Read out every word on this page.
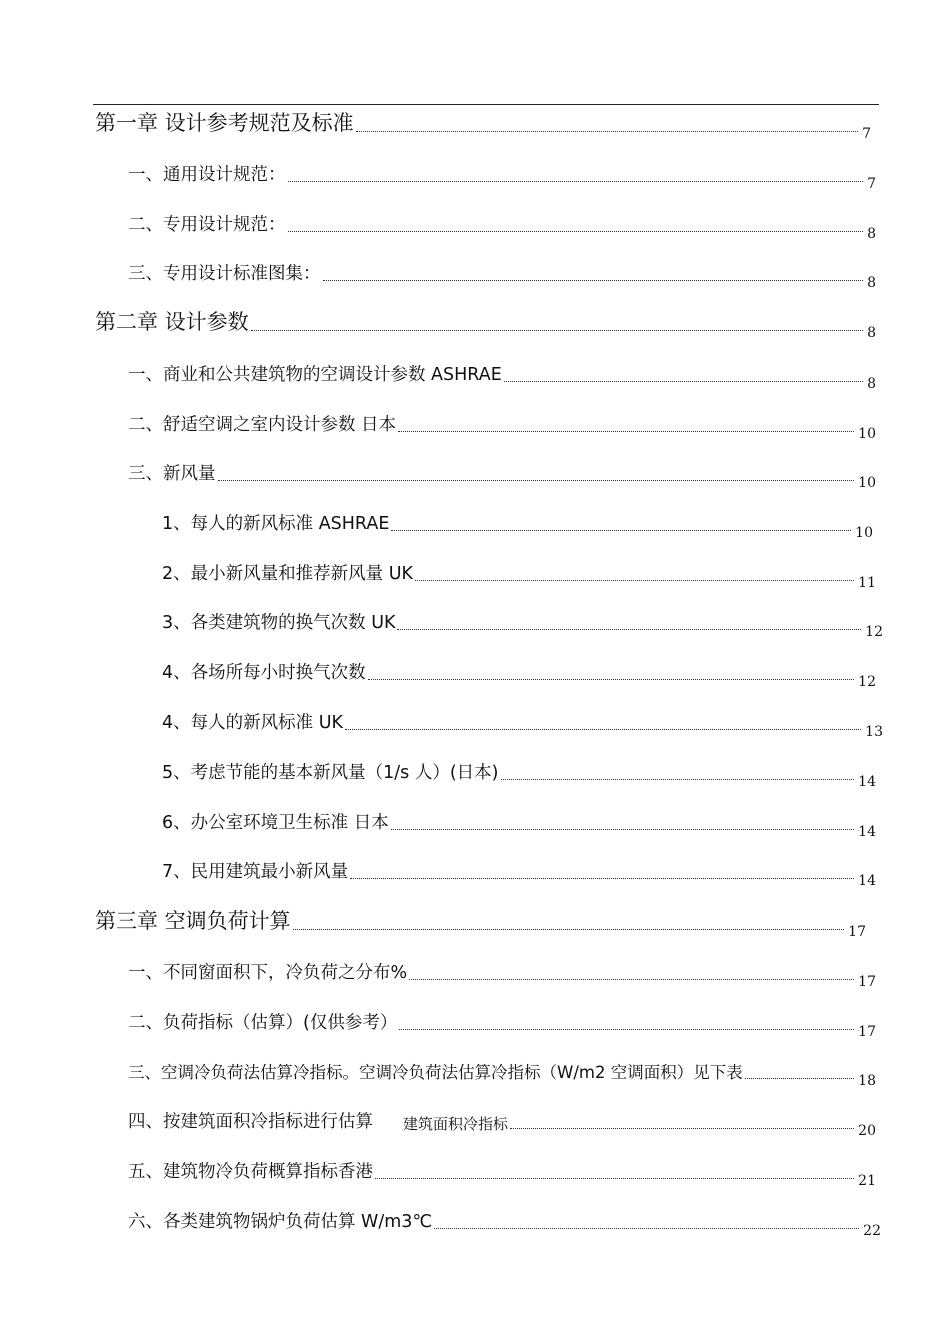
第一章 设计参考规范及标准	7
一、通用设计规范：	7
二、专用设计规范：	8
三、专用设计标准图集：	8
第二章 设计参数	8
一、商业和公共建筑物的空调设计参数 ASHRAE	8
二、舒适空调之室内设计参数 日本	10
三、新风量	10
1、每人的新风标准 ASHRAE	10
2、最小新风量和推荐新风量 UK	11
3、各类建筑物的换气次数 UK	12
4、各场所每小时换气次数	12
4、每人的新风标准 UK	13
5、考虑节能的基本新风量（1/s 人）(日本)	14
6、办公室环境卫生标准 日本	14
7、民用建筑最小新风量	14
第三章 空调负荷计算	17
一、不同窗面积下，冷负荷之分布%	17
二、负荷指标（估算）(仅供参考）	17
三、空调冷负荷法估算冷指标。空调冷负荷法估算冷指标（W/m2 空调面积）见下表	18
四、按建筑面积冷指标进行估算 建筑面积冷指标	20
五、建筑物冷负荷概算指标香港	21
六、各类建筑物锅炉负荷估算 W/m3℃	22
